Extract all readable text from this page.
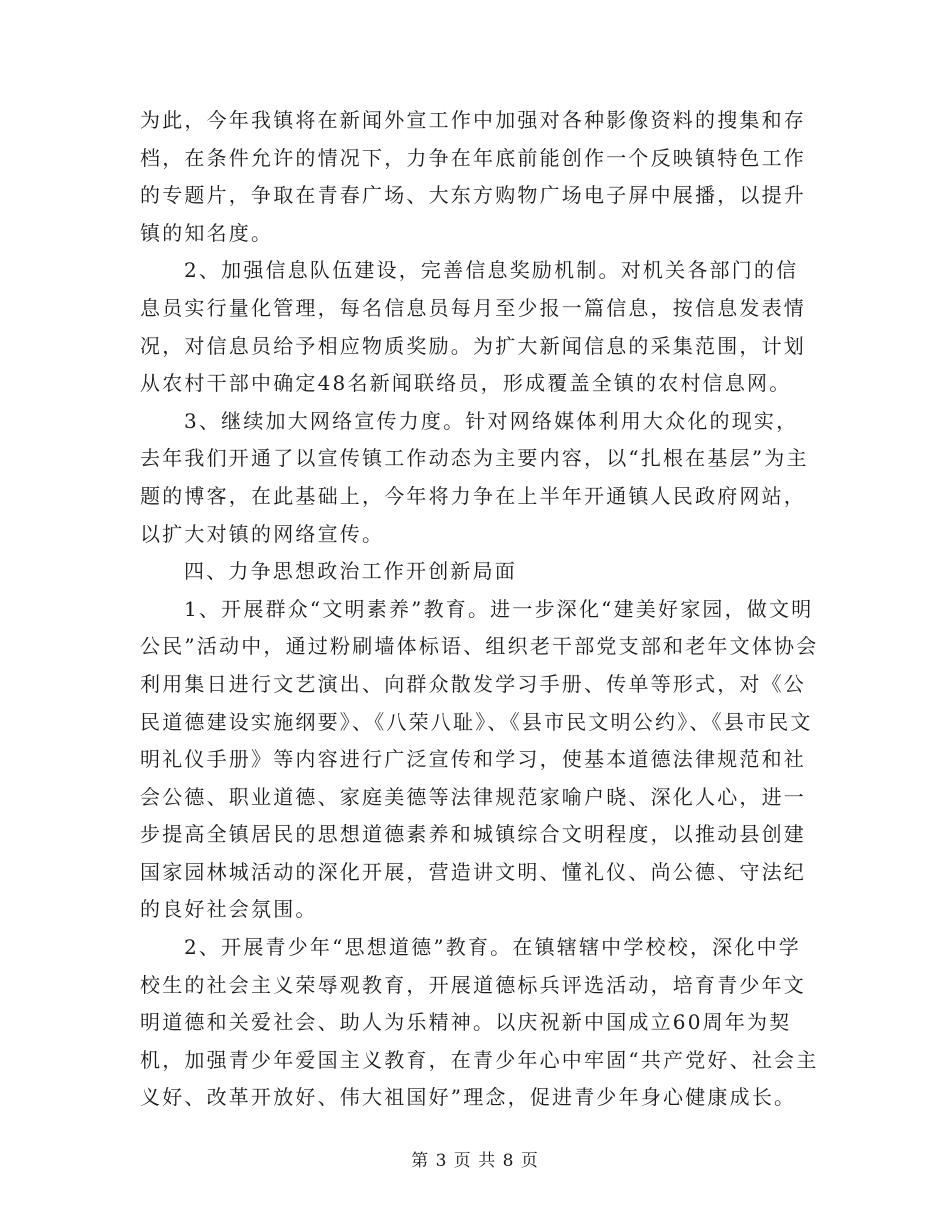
为此，今年我镇将在新闻外宣工作中加强对各种影像资料的搜集和存档，在条件允许的情况下，力争在年底前能创作一个反映镇特色工作的专题片，争取在青春广场、大东方购物广场电子屏中展播，以提升镇的知名度。

2、加强信息队伍建设，完善信息奖励机制。对机关各部门的信息员实行量化管理，每名信息员每月至少报一篇信息，按信息发表情况，对信息员给予相应物质奖励。为扩大新闻信息的采集范围，计划从农村干部中确定48名新闻联络员，形成覆盖全镇的农村信息网。

3、继续加大网络宣传力度。针对网络媒体利用大众化的现实，去年我们开通了以宣传镇工作动态为主要内容，以“扎根在基层”为主题的博客，在此基础上，今年将力争在上半年开通镇人民政府网站，以扩大对镇的网络宣传。

四、力争思想政治工作开创新局面

1、开展群众“文明素养”教育。进一步深化“建美好家园，做文明公民”活动中，通过粉刷墙体标语、组织老干部党支部和老年文体协会利用集日进行文艺演出、向群众散发学习手册、传单等形式，对《公民道德建设实施纲要》、《八荣八耻》、《县市民文明公约》、《县市民文明礼仪手册》等内容进行广泛宣传和学习，使基本道德法律规范和社会公德、职业道德、家庭美德等法律规范家喻户晓、深化人心，进一步提高全镇居民的思想道德素养和城镇综合文明程度，以推动县创建国家园林城活动的深化开展，营造讲文明、懂礼仪、尚公德、守法纪的良好社会氛围。

2、开展青少年“思想道德”教育。在镇辖辖中学校校，深化中学校生的社会主义荣辱观教育，开展道德标兵评选活动，培育青少年文明道德和关爱社会、助人为乐精神。以庆祝新中国成立60周年为契机，加强青少年爱国主义教育，在青少年心中牢固“共产党好、社会主义好、改革开放好、伟大祖国好”理念，促进青少年身心健康成长。

第 3 页 共 8 页
